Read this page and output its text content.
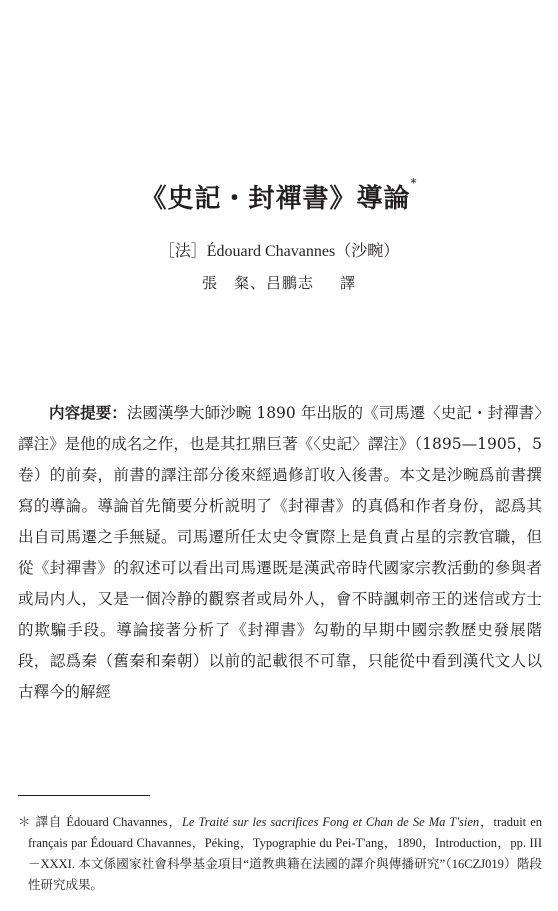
《史記・封禪書》導論*
［法］Édouard Chavannes（沙畹）
張　粲、吕鵬志 譯
内容提要：法國漢學大師沙畹 1890 年出版的《司馬遷〈史記・封禪書〉譯注》是他的成名之作，也是其扛鼎巨著《〈史記〉譯注》（1895—1905，5 卷）的前奏，前書的譯注部分後來經過修訂收入後書。本文是沙畹爲前書撰寫的導論。導論首先簡要分析説明了《封禪書》的真僞和作者身份，認爲其出自司馬遷之手無疑。司馬遷所任太史令實際上是負責占星的宗教官職，但從《封禪書》的叙述可以看出司馬遷既是漢武帝時代國家宗教活動的參與者或局内人，又是一個冷静的觀察者或局外人，會不時諷刺帝王的迷信或方士的欺騙手段。導論接著分析了《封禪書》勾勒的早期中國宗教歷史發展階段，認爲秦（舊秦和秦朝）以前的記載很不可靠，只能從中看到漢代文人以古釋今的解經
＊ 譯自 Édouard Chavannes，Le Traité sur les sacrifices Fong et Chan de Se Ma T'sien，traduit en français par Édouard Chavannes，Péking，Typographie du Pei-T'ang，1890，Introduction，pp. III－XXXI. 本文係國家社會科學基金項目“道教典籍在法國的譯介與傳播研究”（16CZJ019）階段性研究成果。
